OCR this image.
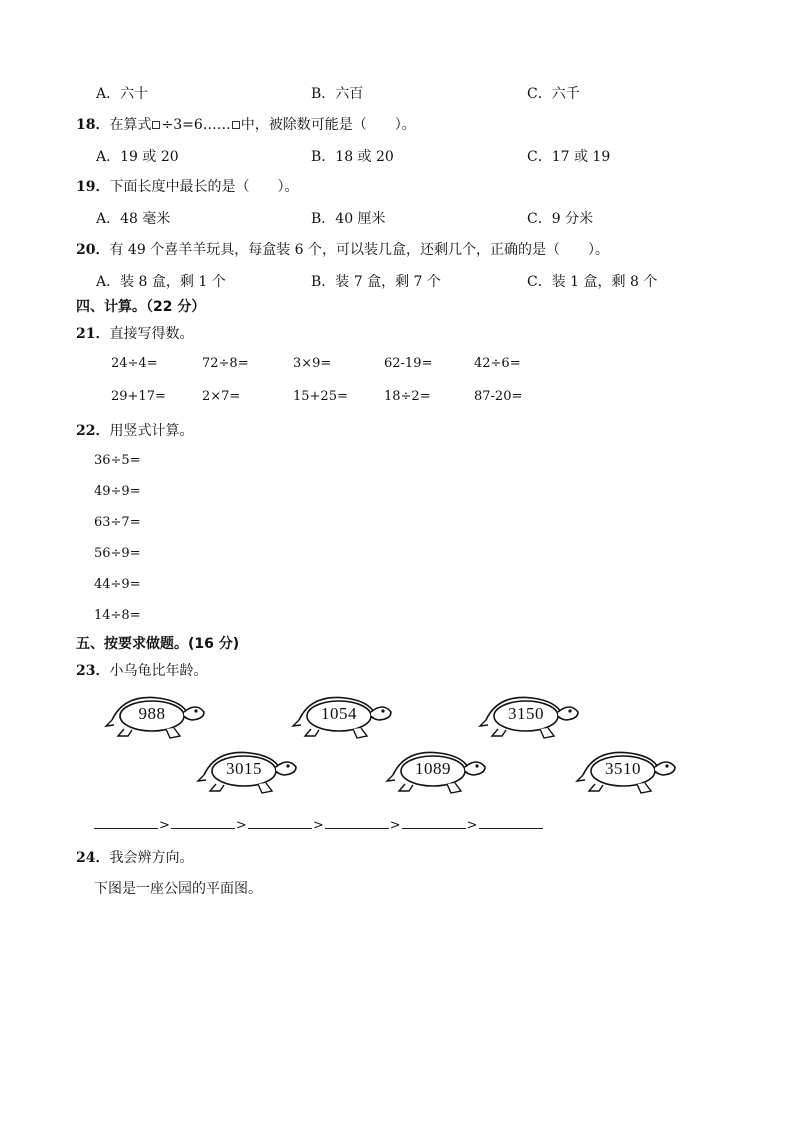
A．六十	B．六百	C．六千
18．在算式 ÷3=6…… 中，被除数可能是（　　）。
A．19 或 20	B．18 或 20	C．17 或 19
19．下面长度中最长的是（　　）。
A．48 毫米	B．40 厘米	C．9 分米
20．有 49 个喜羊羊玩具，每盒装 6 个，可以装几盒，还剩几个，正确的是（　　）。
A．装 8 盒，剩 1 个	B．装 7 盒，剩 7 个	C．装 1 盒，剩 8 个
四、计算。（22 分）
21．直接写得数。
24÷4=	72÷8=	3×9=	62-19=	42÷6=
29+17=	2×7=	15+25=	18÷2=	87-20=
22．用竖式计算。
36÷5=
49÷9=
63÷7=
56÷9=
44÷9=
14÷8=
五、按要求做题。(16 分)
23．小乌龟比年龄。
988	1054	3150
3015	1089	3510
>	>	>	>	>
24．我会辨方向。
下图是一座公园的平面图。
